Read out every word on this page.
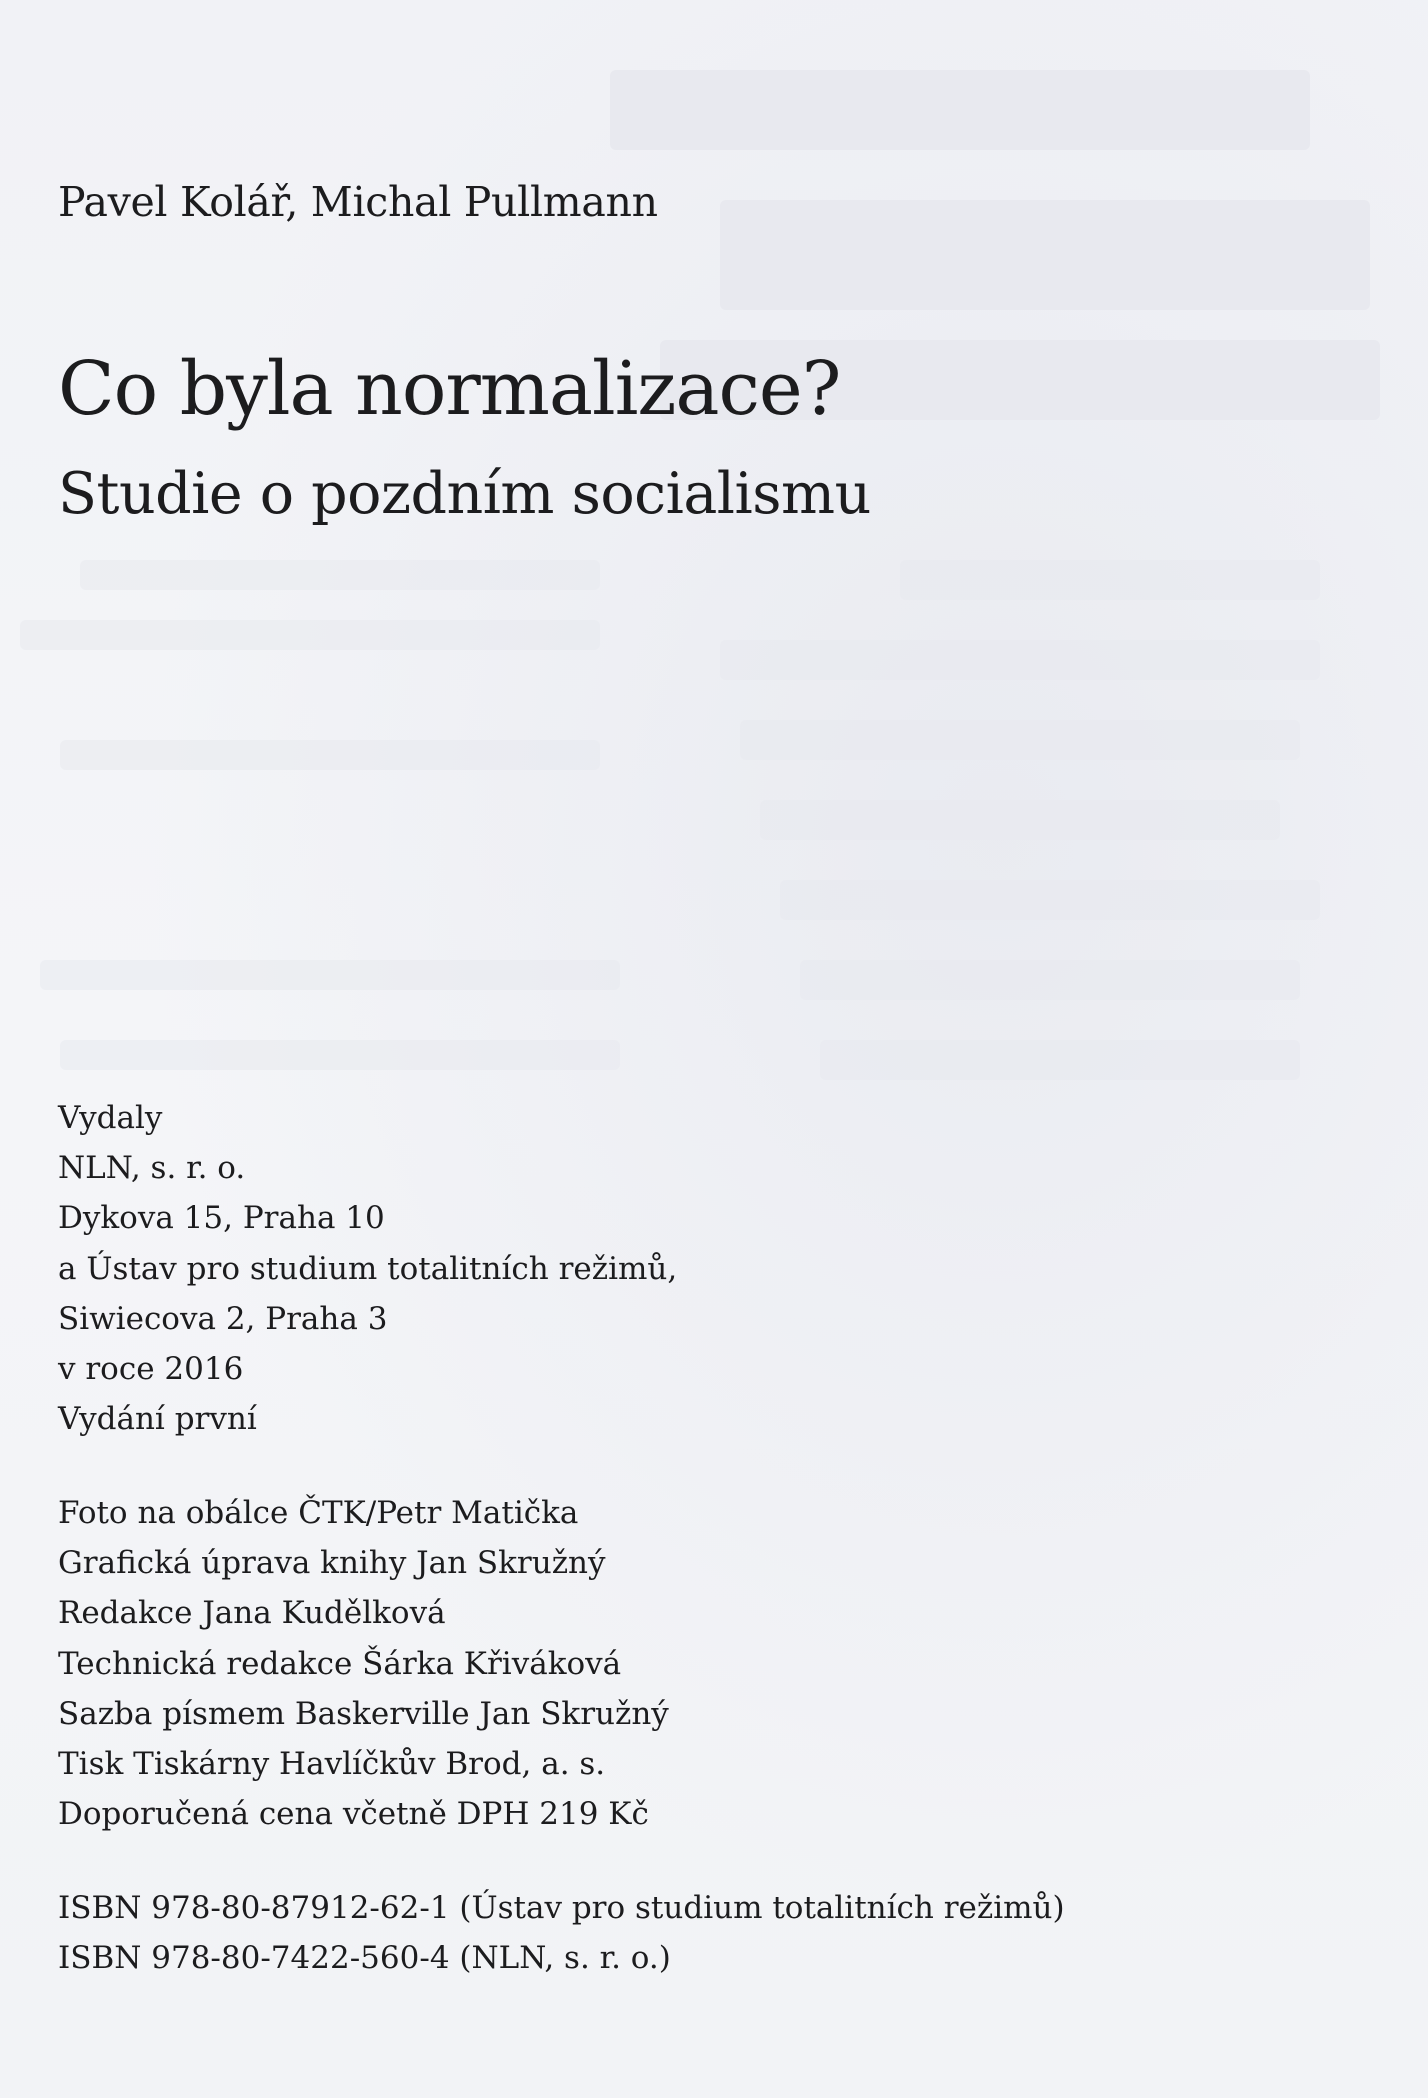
Pavel Kolář, Michal Pullmann
Co byla normalizace?
Studie o pozdním socialismu
Vydaly
NLN, s. r. o.
Dykova 15, Praha 10
a Ústav pro studium totalitních režimů,
Siwiecova 2, Praha 3
v roce 2016
Vydání první
Foto na obálce ČTK/Petr Matička
Grafická úprava knihy Jan Skružný
Redakce Jana Kudělková
Technická redakce Šárka Křiváková
Sazba písmem Baskerville Jan Skružný
Tisk Tiskárny Havlíčkův Brod, a. s.
Doporučená cena včetně DPH 219 Kč
ISBN 978-80-87912-62-1 (Ústav pro studium totalitních režimů)
ISBN 978-80-7422-560-4 (NLN, s. r. o.)
